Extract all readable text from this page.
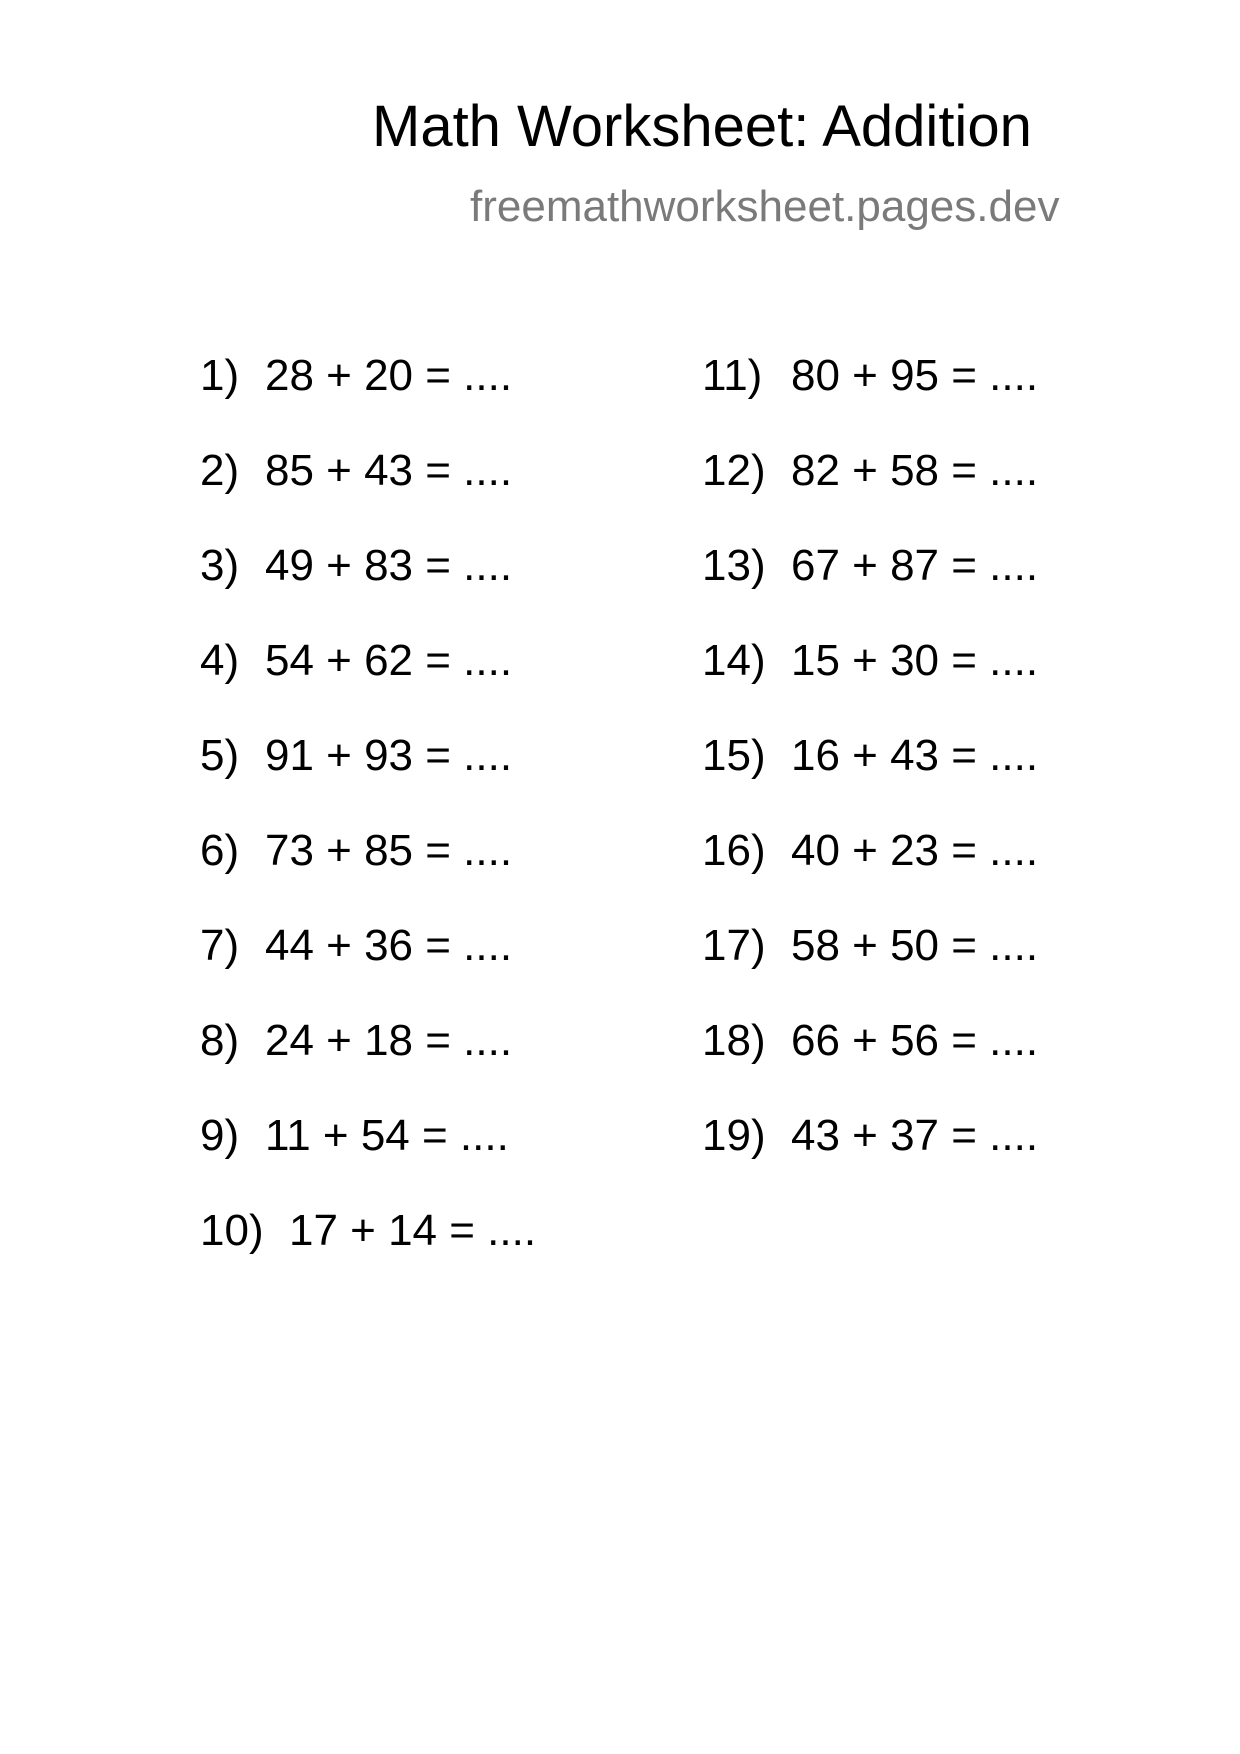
Math Worksheet: Addition
freemathworksheet.pages.dev
1) 28 + 20 = ....
2) 85 + 43 = ....
3) 49 + 83 = ....
4) 54 + 62 = ....
5) 91 + 93 = ....
6) 73 + 85 = ....
7) 44 + 36 = ....
8) 24 + 18 = ....
9) 11 + 54 = ....
10) 17 + 14 = ....
11) 80 + 95 = ....
12) 82 + 58 = ....
13) 67 + 87 = ....
14) 15 + 30 = ....
15) 16 + 43 = ....
16) 40 + 23 = ....
17) 58 + 50 = ....
18) 66 + 56 = ....
19) 43 + 37 = ....
